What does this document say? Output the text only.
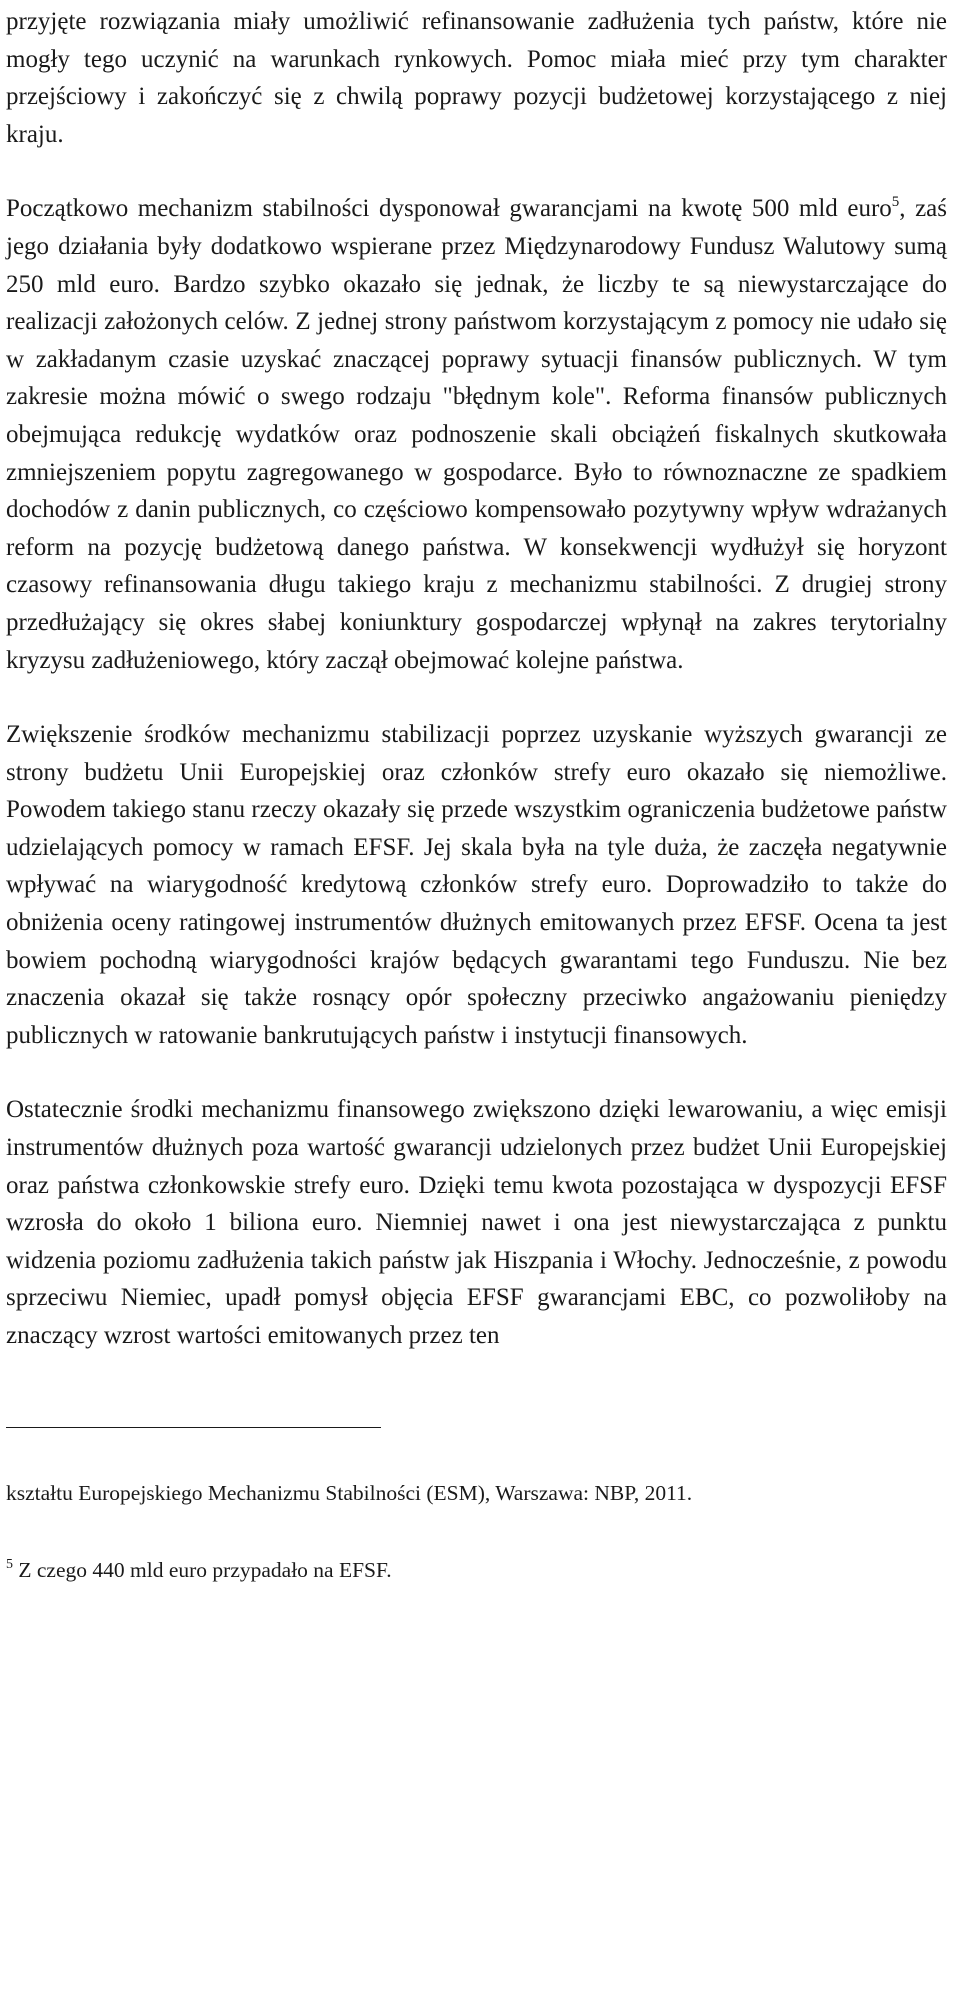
przyjęte rozwiązania miały umożliwić refinansowanie zadłużenia tych państw, które nie mogły tego uczynić na warunkach rynkowych. Pomoc miała mieć przy tym charakter przejściowy i zakończyć się z chwilą poprawy pozycji budżetowej korzystającego z niej kraju.

Początkowo mechanizm stabilności dysponował gwarancjami na kwotę 500 mld euro$^5$, zaś jego działania były dodatkowo wspierane przez Międzynarodowy Fundusz Walutowy sumą 250 mld euro. Bardzo szybko okazało się jednak, że liczby te są niewystarczające do realizacji założonych celów. Z jednej strony państwom korzystającym z pomocy nie udało się w zakładanym czasie uzyskać znaczącej poprawy sytuacji finansów publicznych. W tym zakresie można mówić o swego rodzaju "błędnym kole". Reforma finansów publicznych obejmująca redukcję wydatków oraz podnoszenie skali obciążeń fiskalnych skutkowała zmniejszeniem popytu zagregowanego w gospodarce. Było to równoznaczne ze spadkiem dochodów z danin publicznych, co częściowo kompensowało pozytywny wpływ wdrażanych reform na pozycję budżetową danego państwa. W konsekwencji wydłużył się horyzont czasowy refinansowania długu takiego kraju z mechanizmu stabilności. Z drugiej strony przedłużający się okres słabej koniunktury gospodarczej wpłynął na zakres terytorialny kryzysu zadłużeniowego, który zaczął obejmować kolejne państwa.

Zwiększenie środków mechanizmu stabilizacji poprzez uzyskanie wyższych gwarancji ze strony budżetu Unii Europejskiej oraz członków strefy euro okazało się niemożliwe. Powodem takiego stanu rzeczy okazały się przede wszystkim ograniczenia budżetowe państw udzielających pomocy w ramach EFSF. Jej skala była na tyle duża, że zaczęła negatywnie wpływać na wiarygodność kredytową członków strefy euro. Doprowadziło to także do obniżenia oceny ratingowej instrumentów dłużnych emitowanych przez EFSF. Ocena ta jest bowiem pochodną wiarygodności krajów będących gwarantami tego Funduszu. Nie bez znaczenia okazał się także rosnący opór społeczny przeciwko angażowaniu pieniędzy publicznych w ratowanie bankrutujących państw i instytucji finansowych.

Ostatecznie środki mechanizmu finansowego zwiększono dzięki lewarowaniu, a więc emisji instrumentów dłużnych poza wartość gwarancji udzielonych przez budżet Unii Europejskiej oraz państwa członkowskie strefy euro. Dzięki temu kwota pozostająca w dyspozycji EFSF wzrosła do około 1 biliona euro. Niemniej nawet i ona jest niewystarczająca z punktu widzenia poziomu zadłużenia takich państw jak Hiszpania i Włochy. Jednocześnie, z powodu sprzeciwu Niemiec, upadł pomysł objęcia EFSF gwarancjami EBC, co pozwoliłoby na znaczący wzrost wartości emitowanych przez ten

kształtu Europejskiego Mechanizmu Stabilności (ESM), Warszawa: NBP, 2011.

$^5$ Z czego 440 mld euro przypadało na EFSF.
